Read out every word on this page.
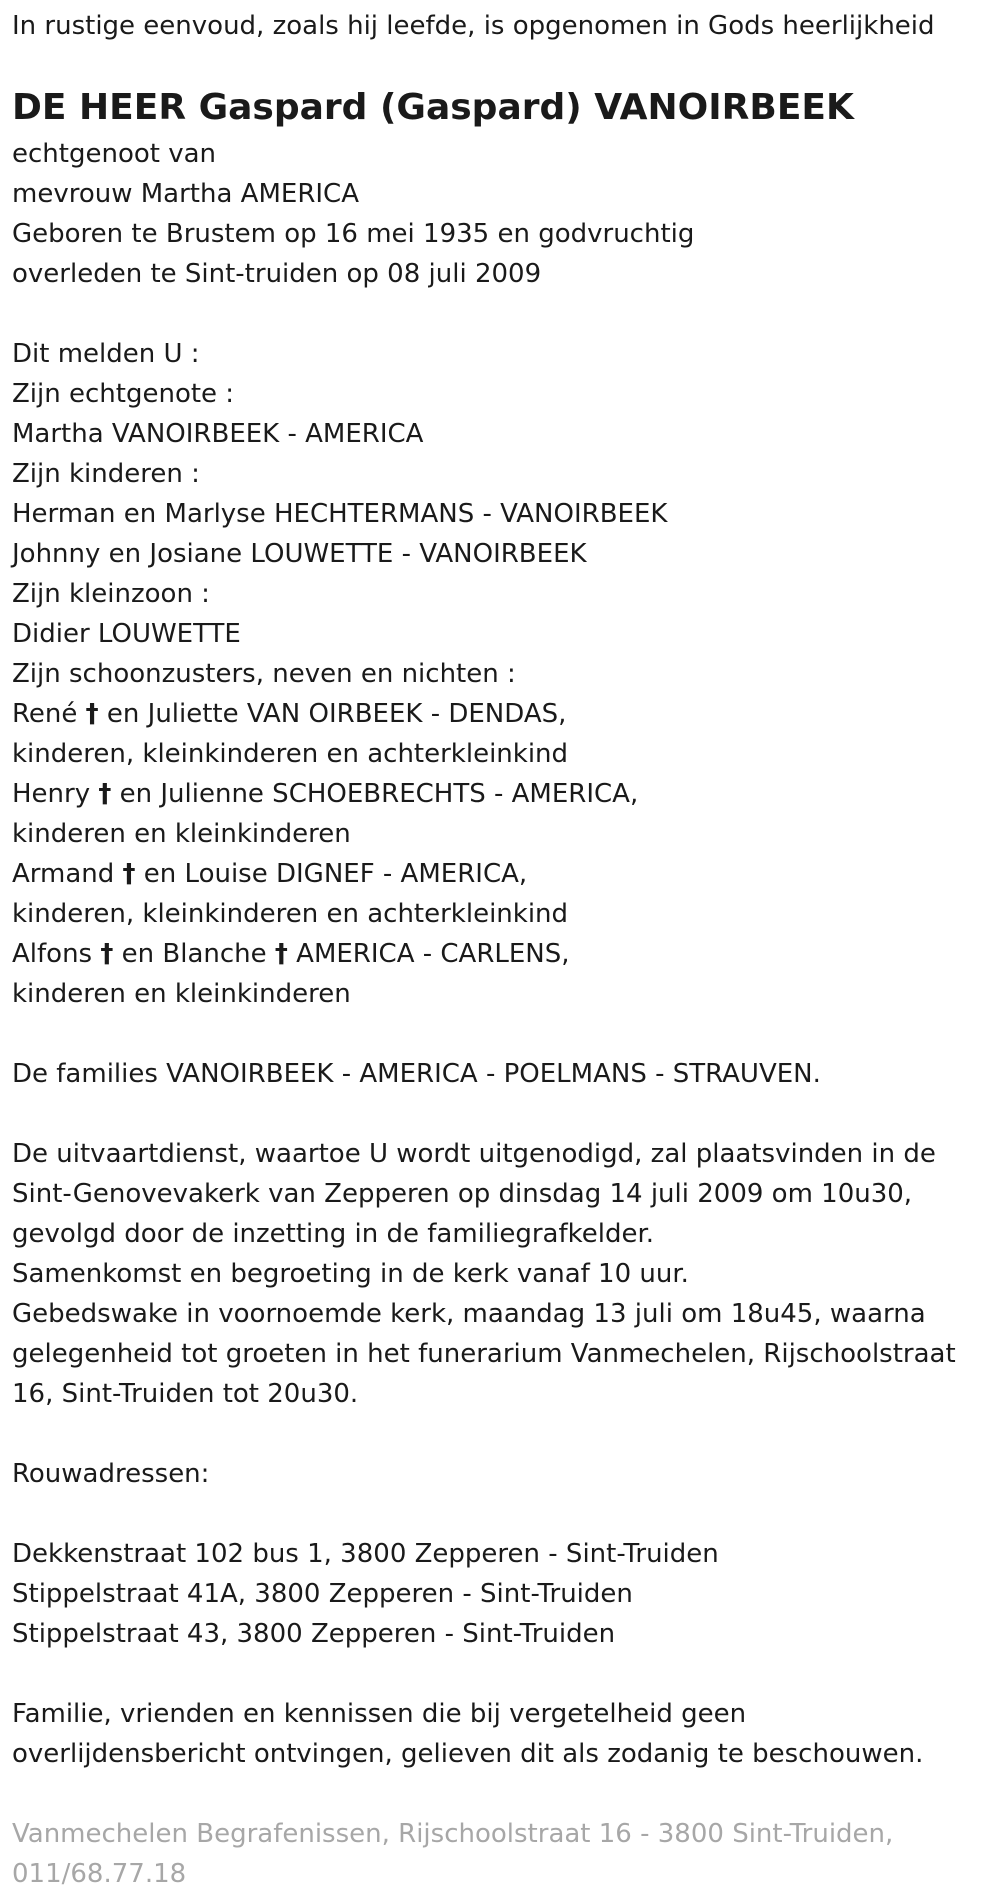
In rustige eenvoud, zoals hij leefde, is opgenomen in Gods heerlijkheid
DE HEER Gaspard (Gaspard) VANOIRBEEK
echtgenoot van
mevrouw Martha AMERICA
Geboren te Brustem op 16 mei 1935 en godvruchtig
overleden te Sint-truiden op 08 juli 2009
Dit melden U :
Zijn echtgenote :
Martha VANOIRBEEK - AMERICA
Zijn kinderen :
Herman en Marlyse HECHTERMANS - VANOIRBEEK
Johnny en Josiane LOUWETTE - VANOIRBEEK
Zijn kleinzoon :
Didier LOUWETTE
Zijn schoonzusters, neven en nichten :
René † en Juliette VAN OIRBEEK - DENDAS,
kinderen, kleinkinderen en achterkleinkind
Henry † en Julienne SCHOEBRECHTS - AMERICA,
kinderen en kleinkinderen
Armand † en Louise DIGNEF - AMERICA,
kinderen, kleinkinderen en achterkleinkind
Alfons † en Blanche † AMERICA - CARLENS,
kinderen en kleinkinderen
De families VANOIRBEEK - AMERICA - POELMANS - STRAUVEN.
De uitvaartdienst, waartoe U wordt uitgenodigd, zal plaatsvinden in de
Sint-Genovevakerk van Zepperen op dinsdag 14 juli 2009 om 10u30,
gevolgd door de inzetting in de familiegrafkelder.
Samenkomst en begroeting in de kerk vanaf 10 uur.
Gebedswake in voornoemde kerk, maandag 13 juli om 18u45, waarna
gelegenheid tot groeten in het funerarium Vanmechelen, Rijschoolstraat
16, Sint-Truiden tot 20u30.
Rouwadressen:
Dekkenstraat 102 bus 1, 3800 Zepperen - Sint-Truiden
Stippelstraat 41A, 3800 Zepperen - Sint-Truiden
Stippelstraat 43, 3800 Zepperen - Sint-Truiden
Familie, vrienden en kennissen die bij vergetelheid geen
overlijdensbericht ontvingen, gelieven dit als zodanig te beschouwen.
Vanmechelen Begrafenissen, Rijschoolstraat 16 - 3800 Sint-Truiden,
011/68.77.18
